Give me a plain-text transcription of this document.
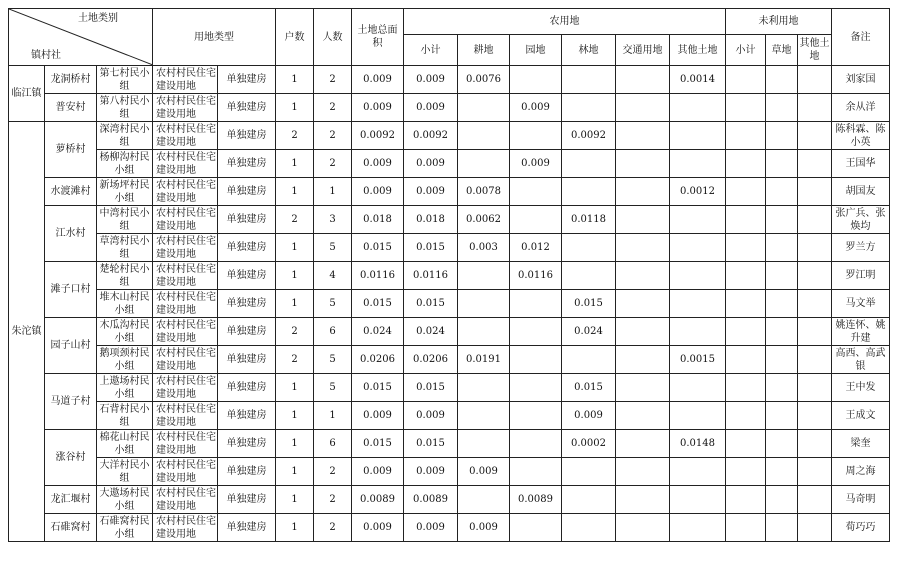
土地类别
镇村社			用地类型		户数	人数	土地总面积	农用地						未利用地			备注
								小计	耕地	园地	林地	交通用地	其他土地	小计	草地	其他土地	
临江镇	龙洞桥村	第七村民小组	农村村民住宅建设用地	单独建房	1	2	0.009	0.009	0.0076				0.0014				刘家国
	普安村	第八村民小组	农村村民住宅建设用地	单独建房	1	2	0.009	0.009		0.009							余从洋
朱沱镇	萝桥村	深湾村民小组	农村村民住宅建设用地	单独建房	2	2	0.0092	0.0092			0.0092						陈科霖、陈小英
		杨柳沟村民小组	农村村民住宅建设用地	单独建房	1	2	0.009	0.009		0.009							王国华
	水渡滩村	新场坪村民小组	农村村民住宅建设用地	单独建房	1	1	0.009	0.009	0.0078				0.0012				胡国友
	江水村	中湾村民小组	农村村民住宅建设用地	单独建房	2	3	0.018	0.018	0.0062		0.0118						张广兵、张焕均
		草湾村民小组	农村村民住宅建设用地	单独建房	1	5	0.015	0.015	0.003	0.012							罗兰方
	滩子口村	楚轮村民小组	农村村民住宅建设用地	单独建房	1	4	0.0116	0.0116		0.0116							罗江明
		堆木山村民小组	农村村民住宅建设用地	单独建房	1	5	0.015	0.015			0.015						马文举
	园子山村	木瓜沟村民小组	农村村民住宅建设用地	单独建房	2	6	0.024	0.024			0.024						姚连怀、姚升建
		鹅项颈村民小组	农村村民住宅建设用地	单独建房	2	5	0.0206	0.0206	0.0191				0.0015				高西、高武银
	马道子村	上遨场村民小组	农村村民住宅建设用地	单独建房	1	5	0.015	0.015			0.015						王中发
		石背村民小组	农村村民住宅建设用地	单独建房	1	1	0.009	0.009			0.009						王成文
	涨谷村	棉花山村民小组	农村村民住宅建设用地	单独建房	1	6	0.015	0.015			0.0002		0.0148				梁奎
		大洋村民小组	农村村民住宅建设用地	单独建房	1	2	0.009	0.009	0.009								周之海
	龙汇堰村	大遨场村民小组	农村村民住宅建设用地	单独建房	1	2	0.0089	0.0089		0.0089							马奇明
	石碓窝村	石碓窝村民小组	农村村民住宅建设用地	单独建房	1	2	0.009	0.009	0.009								荀巧巧
